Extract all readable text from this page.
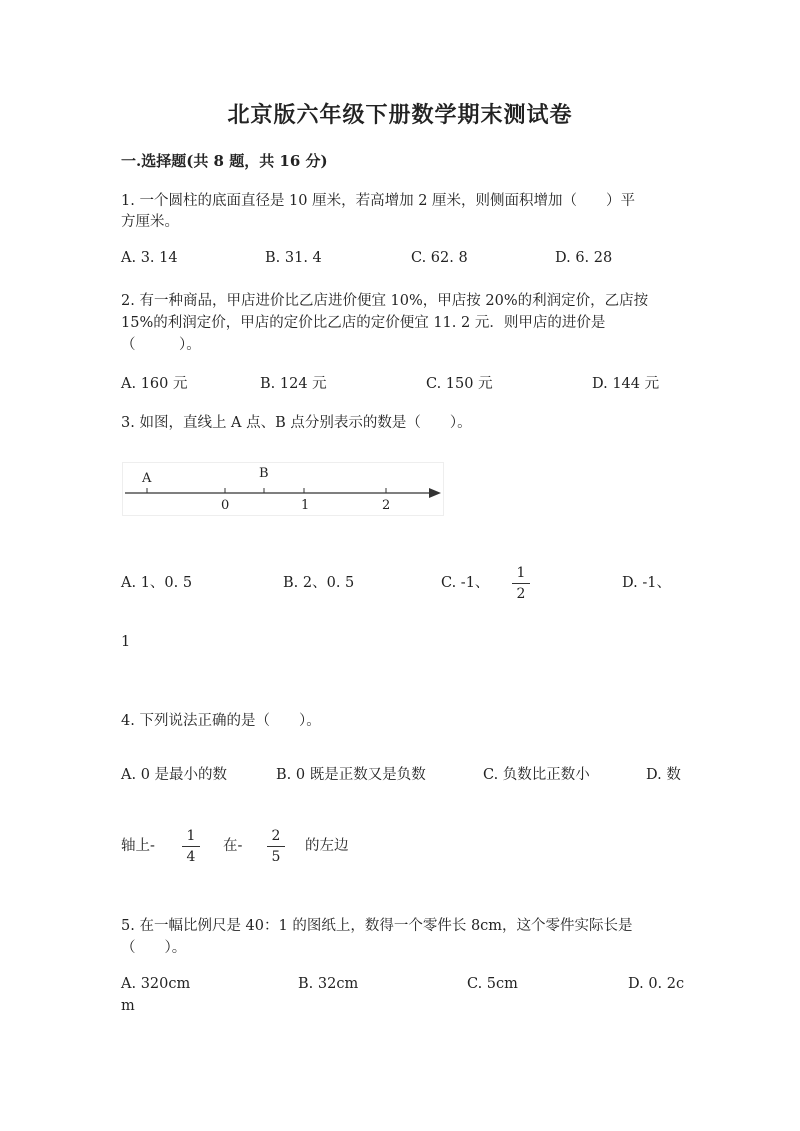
北京版六年级下册数学期末测试卷
一.选择题(共 8 题，共 16 分)
1. 一个圆柱的底面直径是 10 厘米，若高增加 2 厘米，则侧面积增加（　　）平
方厘米。
A. 3. 14	B. 31. 4	C. 62. 8	D. 6. 28
2. 有一种商品，甲店进价比乙店进价便宜 10%，甲店按 20%的利润定价，乙店按
15%的利润定价，甲店的定价比乙店的定价便宜 11. 2 元．则甲店的进价是
（　　　）。
A. 160 元	B. 124 元	C. 150 元	D. 144 元
3. 如图，直线上 A 点、B 点分别表示的数是（　　）。
A	B
0	1	2
A. 1、0. 5	B. 2、0. 5	C. -1、
1
2
D. -1、
1
4. 下列说法正确的是（　　）。
A. 0 是最小的数	B. 0 既是正数又是负数	C. 负数比正数小	D. 数
轴上-
1
4
在-
2
5
的左边
5. 在一幅比例尺是 40：1 的图纸上，数得一个零件长 8cm，这个零件实际长是
（　　）。
A. 320cm	B. 32cm	C. 5cm	D. 0. 2c
m
